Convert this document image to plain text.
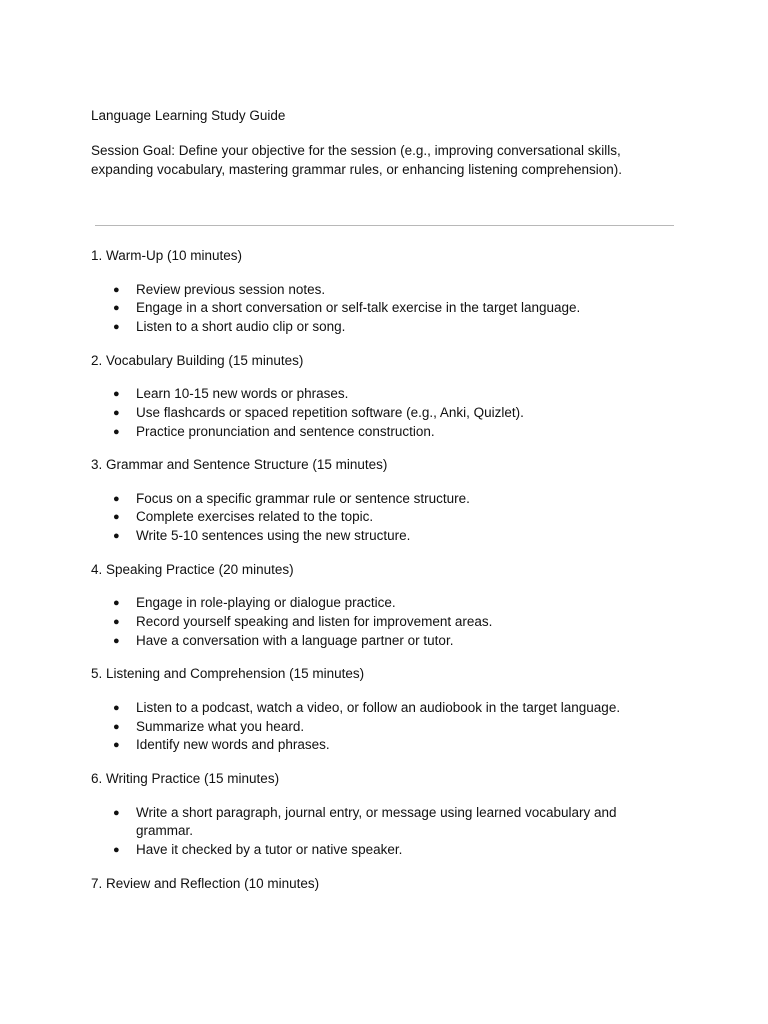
Language Learning Study Guide

Session Goal: Define your objective for the session (e.g., improving conversational skills, expanding vocabulary, mastering grammar rules, or enhancing listening comprehension).

1. Warm-Up (10 minutes)
● Review previous session notes.
● Engage in a short conversation or self-talk exercise in the target language.
● Listen to a short audio clip or song.
2. Vocabulary Building (15 minutes)
● Learn 10-15 new words or phrases.
● Use flashcards or spaced repetition software (e.g., Anki, Quizlet).
● Practice pronunciation and sentence construction.
3. Grammar and Sentence Structure (15 minutes)
● Focus on a specific grammar rule or sentence structure.
● Complete exercises related to the topic.
● Write 5-10 sentences using the new structure.
4. Speaking Practice (20 minutes)
● Engage in role-playing or dialogue practice.
● Record yourself speaking and listen for improvement areas.
● Have a conversation with a language partner or tutor.
5. Listening and Comprehension (15 minutes)
● Listen to a podcast, watch a video, or follow an audiobook in the target language.
● Summarize what you heard.
● Identify new words and phrases.
6. Writing Practice (15 minutes)
● Write a short paragraph, journal entry, or message using learned vocabulary and grammar.
● Have it checked by a tutor or native speaker.
7. Review and Reflection (10 minutes)
